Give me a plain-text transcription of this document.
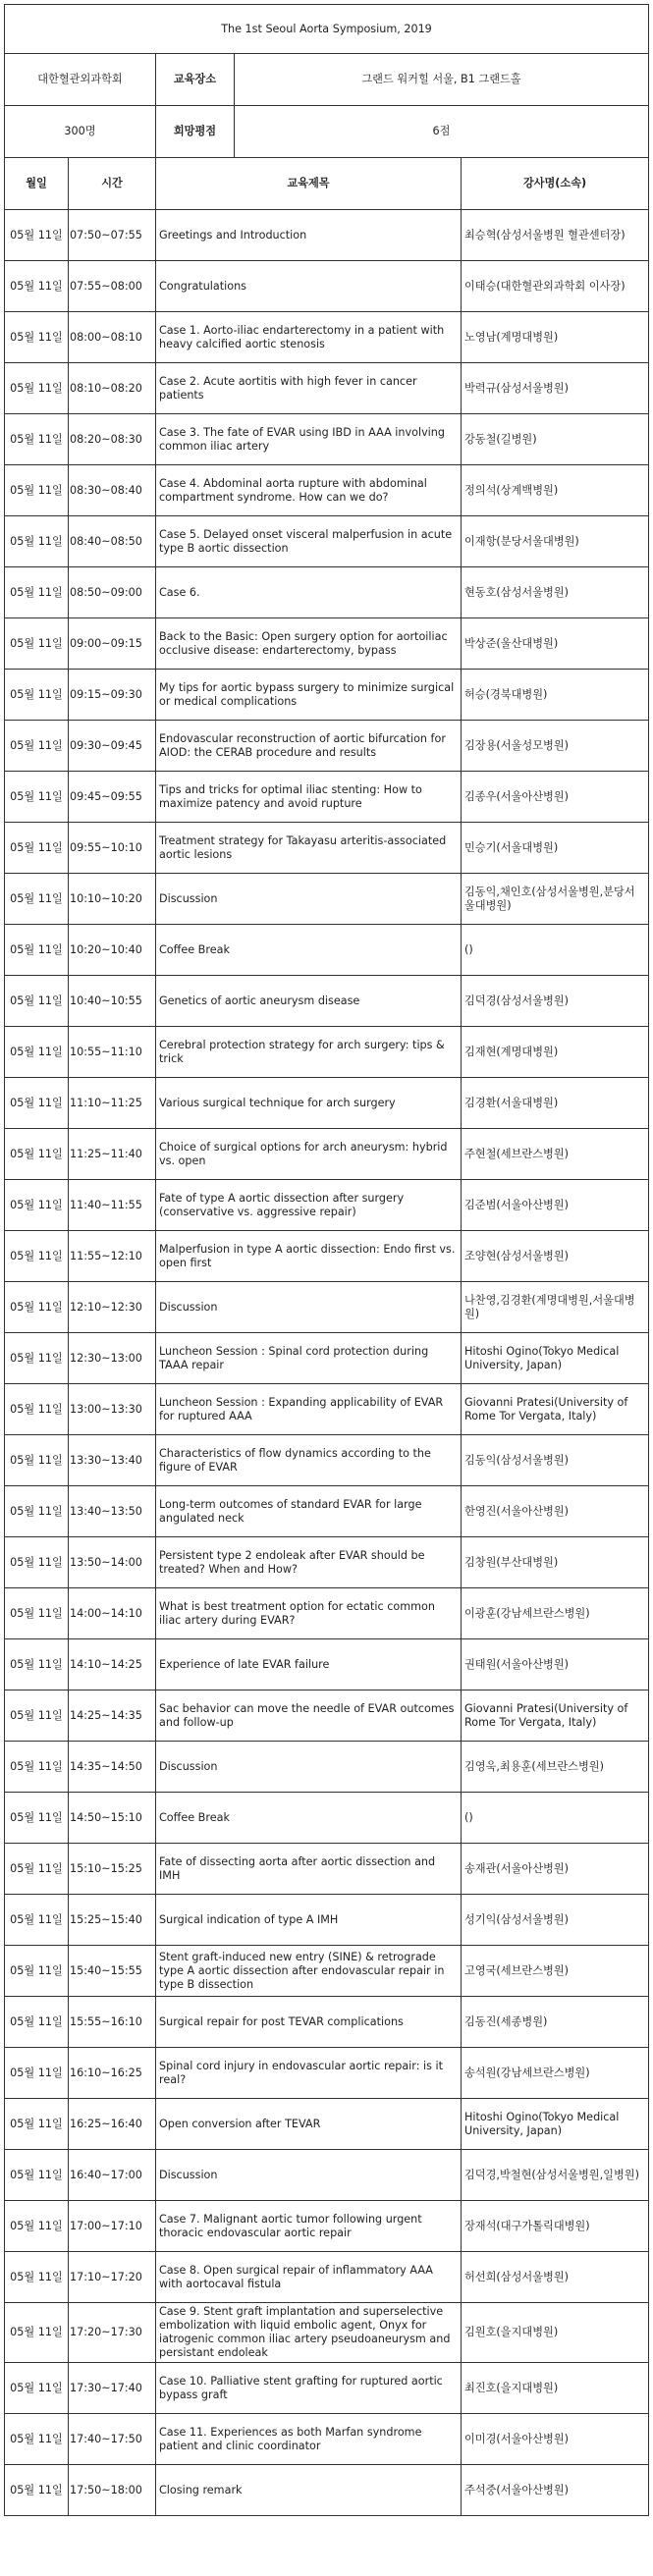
The 1st Seoul Aorta Symposium, 2019		
대한혈관외과학회	교육장소	그랜드 워커힐 서울, B1 그랜드홀
300명	희망평점	6점
월일	시간	교육제목	강사명(소속)
05월 11일	07:50~07:55	Greetings and Introduction	최승혁(삼성서울병원 혈관센터장)
05월 11일	07:55~08:00	Congratulations	이태승(대한혈관외과학회 이사장)
05월 11일	08:00~08:10	Case 1. Aorto-iliac endarterectomy in a patient with heavy calcified aortic stenosis	노영남(계명대병원)
05월 11일	08:10~08:20	Case 2. Acute aortitis with high fever in cancer patients	박력규(삼성서울병원)
05월 11일	08:20~08:30	Case 3. The fate of EVAR using IBD in AAA involving common iliac artery	강동철(길병원)
05월 11일	08:30~08:40	Case 4. Abdominal aorta rupture with abdominal compartment syndrome. How can we do?	정의석(상계백병원)
05월 11일	08:40~08:50	Case 5. Delayed onset visceral malperfusion in acute type B aortic dissection	이재항(분당서울대병원)
05월 11일	08:50~09:00	Case 6.	현동호(삼성서울병원)
05월 11일	09:00~09:15	Back to the Basic: Open surgery option for aortoiliac occlusive disease: endarterectomy, bypass	박상준(울산대병원)
05월 11일	09:15~09:30	My tips for aortic bypass surgery to minimize surgical or medical complications	허승(경북대병원)
05월 11일	09:30~09:45	Endovascular reconstruction of aortic bifurcation for AIOD: the CERAB procedure and results	김장용(서울성모병원)
05월 11일	09:45~09:55	Tips and tricks for optimal iliac stenting: How to maximize patency and avoid rupture	김종우(서울아산병원)
05월 11일	09:55~10:10	Treatment strategy for Takayasu arteritis-associated aortic lesions	민승기(서울대병원)
05월 11일	10:10~10:20	Discussion	김동익,채인호(삼성서울병원,분당서울대병원)
05월 11일	10:20~10:40	Coffee Break	()
05월 11일	10:40~10:55	Genetics of aortic aneurysm disease	김덕경(삼성서울병원)
05월 11일	10:55~11:10	Cerebral protection strategy for arch surgery: tips & trick	김재현(계명대병원)
05월 11일	11:10~11:25	Various surgical technique for arch surgery	김경환(서울대병원)
05월 11일	11:25~11:40	Choice of surgical options for arch aneurysm: hybrid vs. open	주현철(세브란스병원)
05월 11일	11:40~11:55	Fate of type A aortic dissection after surgery (conservative vs. aggressive repair)	김준범(서울아산병원)
05월 11일	11:55~12:10	Malperfusion in type A aortic dissection: Endo first vs. open first	조양현(삼성서울병원)
05월 11일	12:10~12:30	Discussion	나찬영,김경환(계명대병원,서울대병원)
05월 11일	12:30~13:00	Luncheon Session : Spinal cord protection during TAAA repair	Hitoshi Ogino(Tokyo Medical University, Japan)
05월 11일	13:00~13:30	Luncheon Session : Expanding applicability of EVAR for ruptured AAA	Giovanni Pratesi(University of Rome Tor Vergata, Italy)
05월 11일	13:30~13:40	Characteristics of flow dynamics according to the figure of EVAR	김동익(삼성서울병원)
05월 11일	13:40~13:50	Long-term outcomes of standard EVAR for large angulated neck	한영진(서울아산병원)
05월 11일	13:50~14:00	Persistent type 2 endoleak after EVAR should be treated? When and How?	김창원(부산대병원)
05월 11일	14:00~14:10	What is best treatment option for ectatic common iliac artery during EVAR?	이광훈(강남세브란스병원)
05월 11일	14:10~14:25	Experience of late EVAR failure	권태원(서울아산병원)
05월 11일	14:25~14:35	Sac behavior can move the needle of EVAR outcomes and follow-up	Giovanni Pratesi(University of Rome Tor Vergata, Italy)
05월 11일	14:35~14:50	Discussion	김영욱,최용훈(세브란스병원)
05월 11일	14:50~15:10	Coffee Break	()
05월 11일	15:10~15:25	Fate of dissecting aorta after aortic dissection and IMH	송재관(서울아산병원)
05월 11일	15:25~15:40	Surgical indication of type A IMH	성기익(삼성서울병원)
05월 11일	15:40~15:55	Stent graft-induced new entry (SINE) & retrograde type A aortic dissection after endovascular repair in type B dissection	고영국(세브란스병원)
05월 11일	15:55~16:10	Surgical repair for post TEVAR complications	김동진(세종병원)
05월 11일	16:10~16:25	Spinal cord injury in endovascular aortic repair: is it real?	송석원(강남세브란스병원)
05월 11일	16:25~16:40	Open conversion after TEVAR	Hitoshi Ogino(Tokyo Medical University, Japan)
05월 11일	16:40~17:00	Discussion	김덕경,박철현(삼성서울병원,일병원)
05월 11일	17:00~17:10	Case 7. Malignant aortic tumor following urgent thoracic endovascular aortic repair	장재석(대구가톨릭대병원)
05월 11일	17:10~17:20	Case 8. Open surgical repair of inflammatory AAA with aortocaval fistula	허선희(삼성서울병원)
05월 11일	17:20~17:30	Case 9. Stent graft implantation and superselective embolization with liquid embolic agent, Onyx for iatrogenic common iliac artery pseudoaneurysm and persistant endoleak	김원호(을지대병원)
05월 11일	17:30~17:40	Case 10. Palliative stent grafting for ruptured aortic bypass graft	최진호(을지대병원)
05월 11일	17:40~17:50	Case 11. Experiences as both Marfan syndrome patient and clinic coordinator	이미경(서울아산병원)
05월 11일	17:50~18:00	Closing remark	주석중(서울아산병원)
